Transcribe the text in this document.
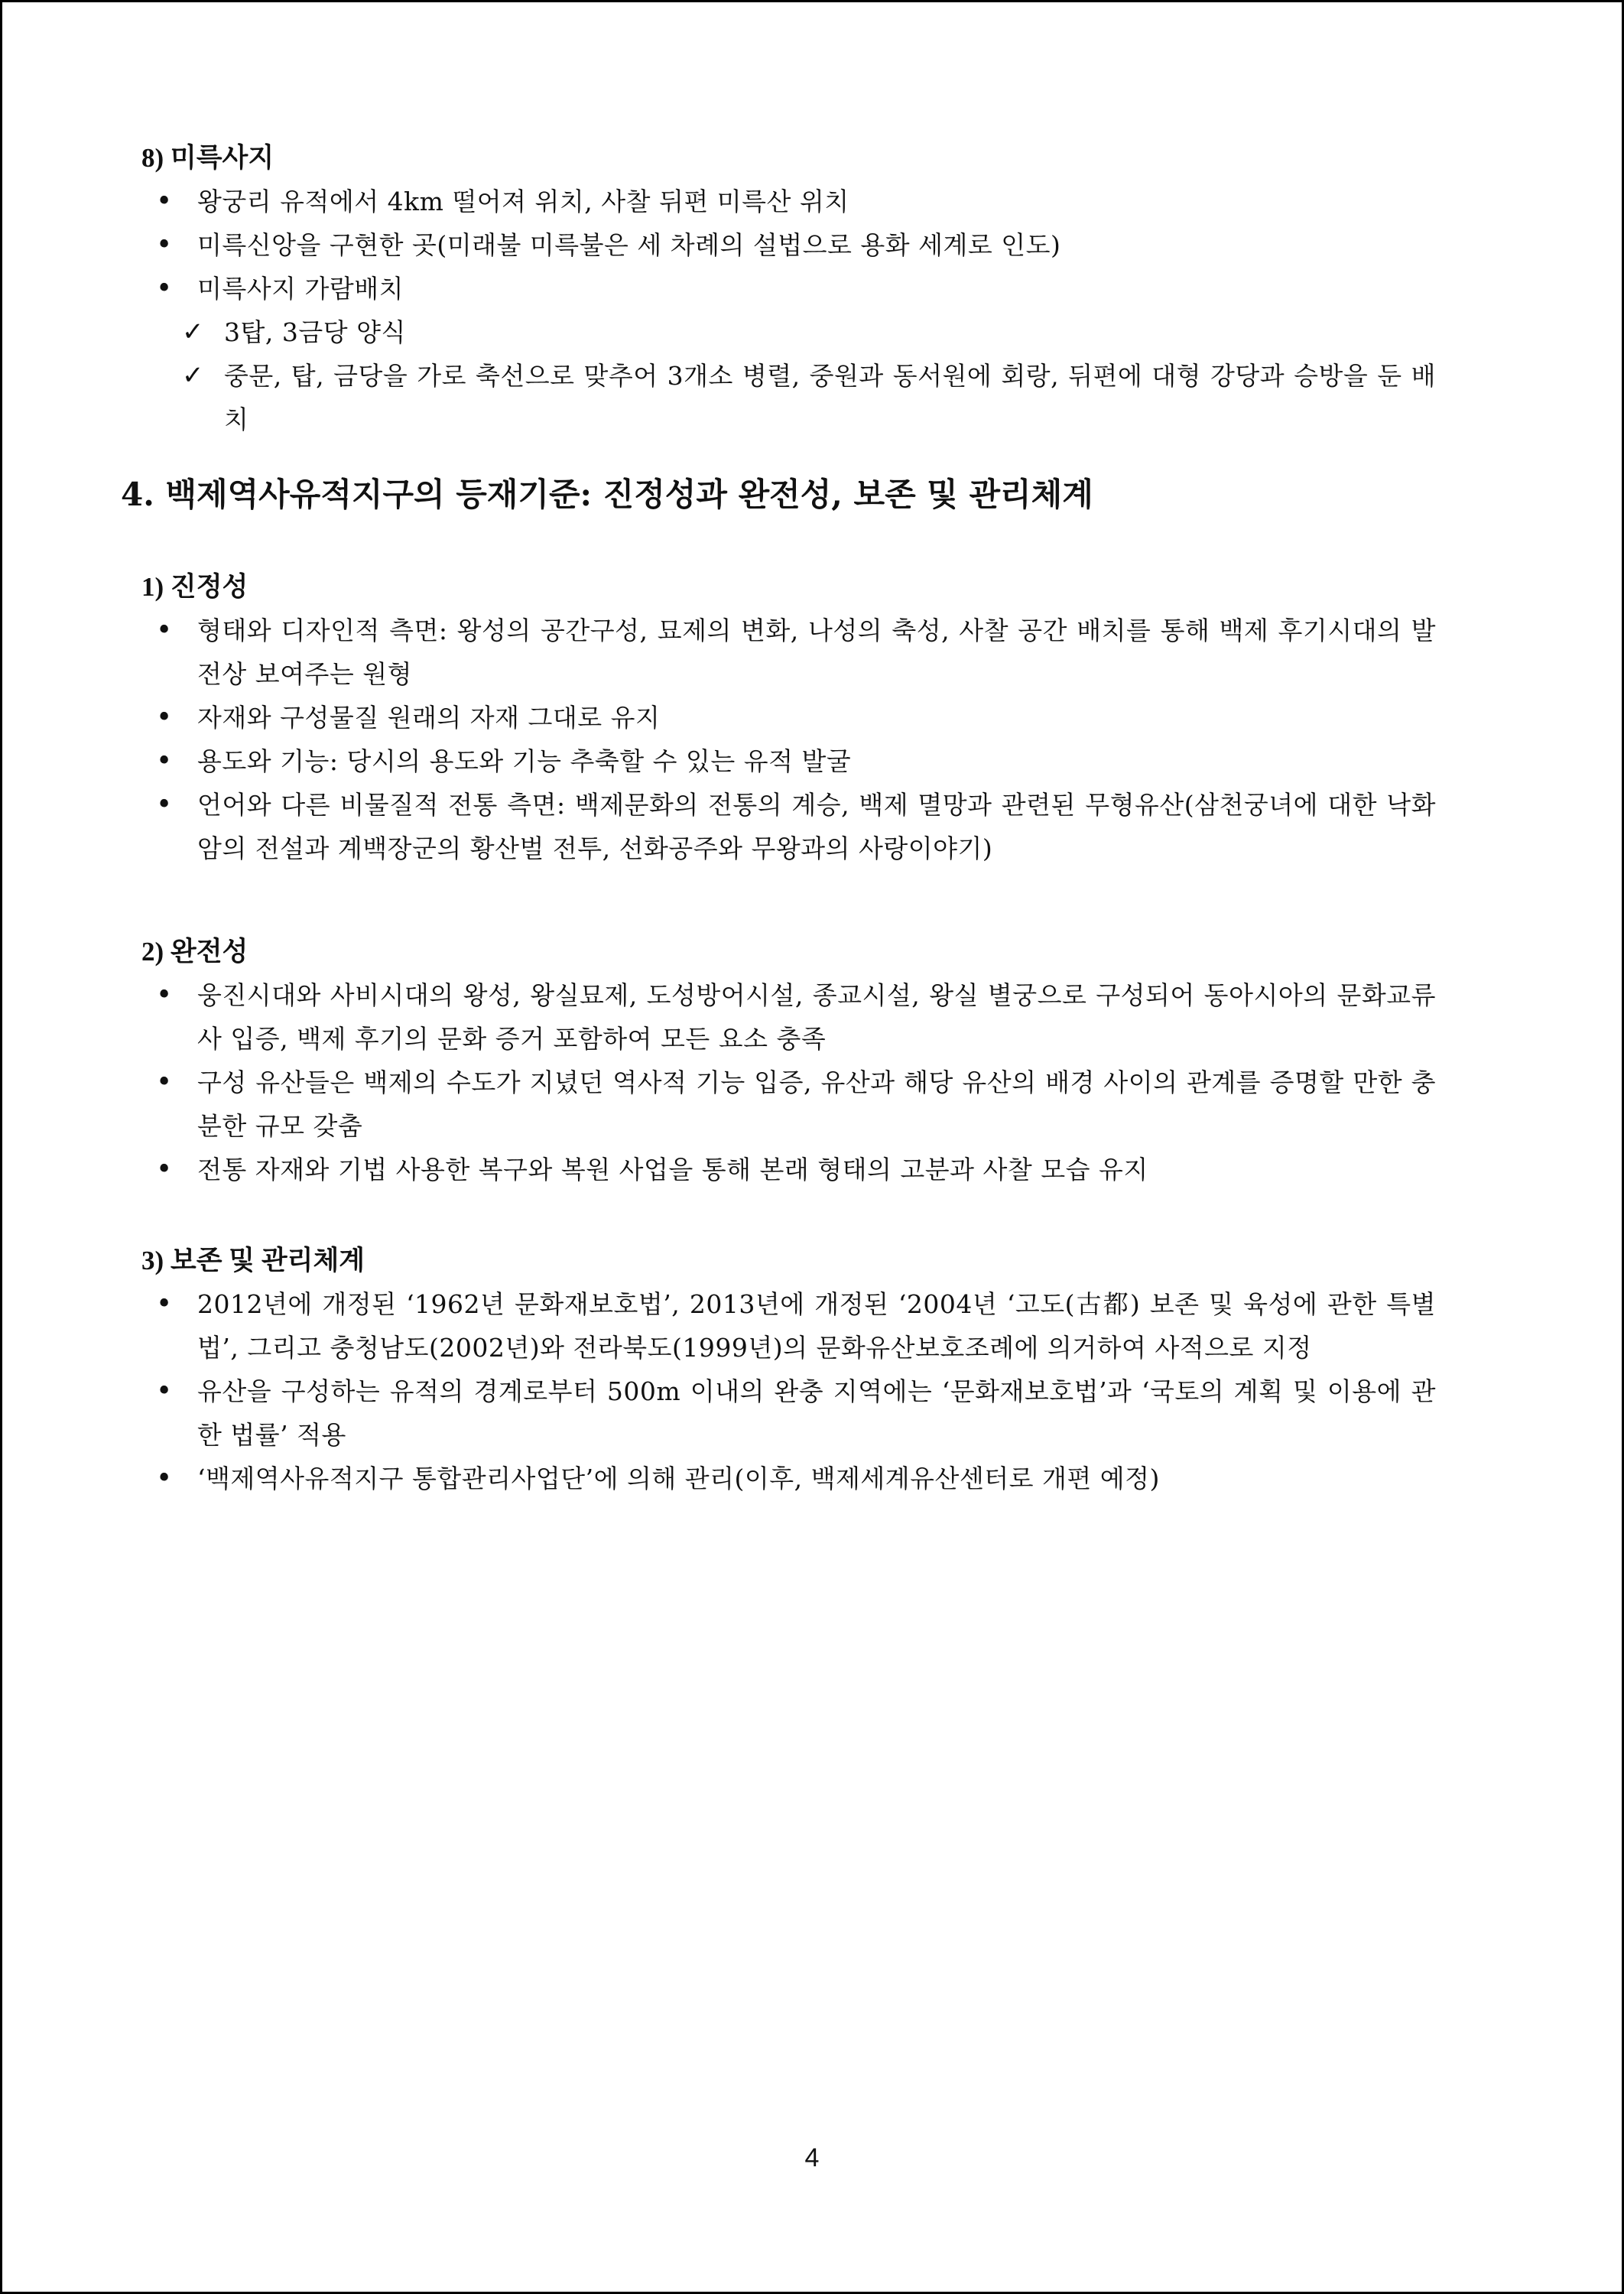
8) 미륵사지
• 왕궁리 유적에서 4km 떨어져 위치, 사찰 뒤편 미륵산 위치
• 미륵신앙을 구현한 곳(미래불 미륵불은 세 차례의 설법으로 용화 세계로 인도)
• 미륵사지 가람배치
✓ 3탑, 3금당 양식
✓ 중문, 탑, 금당을 가로 축선으로 맞추어 3개소 병렬, 중원과 동서원에 회랑, 뒤편에 대형 강당과 승방을 둔 배치
4. 백제역사유적지구의 등재기준: 진정성과 완전성, 보존 및 관리체계
1) 진정성
• 형태와 디자인적 측면: 왕성의 공간구성, 묘제의 변화, 나성의 축성, 사찰 공간 배치를 통해 백제 후기시대의 발전상 보여주는 원형
• 자재와 구성물질 원래의 자재 그대로 유지
• 용도와 기능: 당시의 용도와 기능 추축할 수 있는 유적 발굴
• 언어와 다른 비물질적 전통 측면: 백제문화의 전통의 계승, 백제 멸망과 관련된 무형유산(삼천궁녀에 대한 낙화암의 전설과 계백장군의 황산벌 전투, 선화공주와 무왕과의 사랑이야기)
2) 완전성
• 웅진시대와 사비시대의 왕성, 왕실묘제, 도성방어시설, 종교시설, 왕실 별궁으로 구성되어 동아시아의 문화교류사 입증, 백제 후기의 문화 증거 포함하여 모든 요소 충족
• 구성 유산들은 백제의 수도가 지녔던 역사적 기능 입증, 유산과 해당 유산의 배경 사이의 관계를 증명할 만한 충분한 규모 갖춤
• 전통 자재와 기법 사용한 복구와 복원 사업을 통해 본래 형태의 고분과 사찰 모습 유지
3) 보존 및 관리체계
• 2012년에 개정된 ‘1962년 문화재보호법’, 2013년에 개정된 ‘2004년 ‘고도(古都) 보존 및 육성에 관한 특별법’, 그리고 충청남도(2002년)와 전라북도(1999년)의 문화유산보호조례에 의거하여 사적으로 지정
• 유산을 구성하는 유적의 경계로부터 500m 이내의 완충 지역에는 ‘문화재보호법’과 ‘국토의 계획 및 이용에 관한 법률’ 적용
• ‘백제역사유적지구 통합관리사업단’에 의해 관리(이후, 백제세계유산센터로 개편 예정)
4
